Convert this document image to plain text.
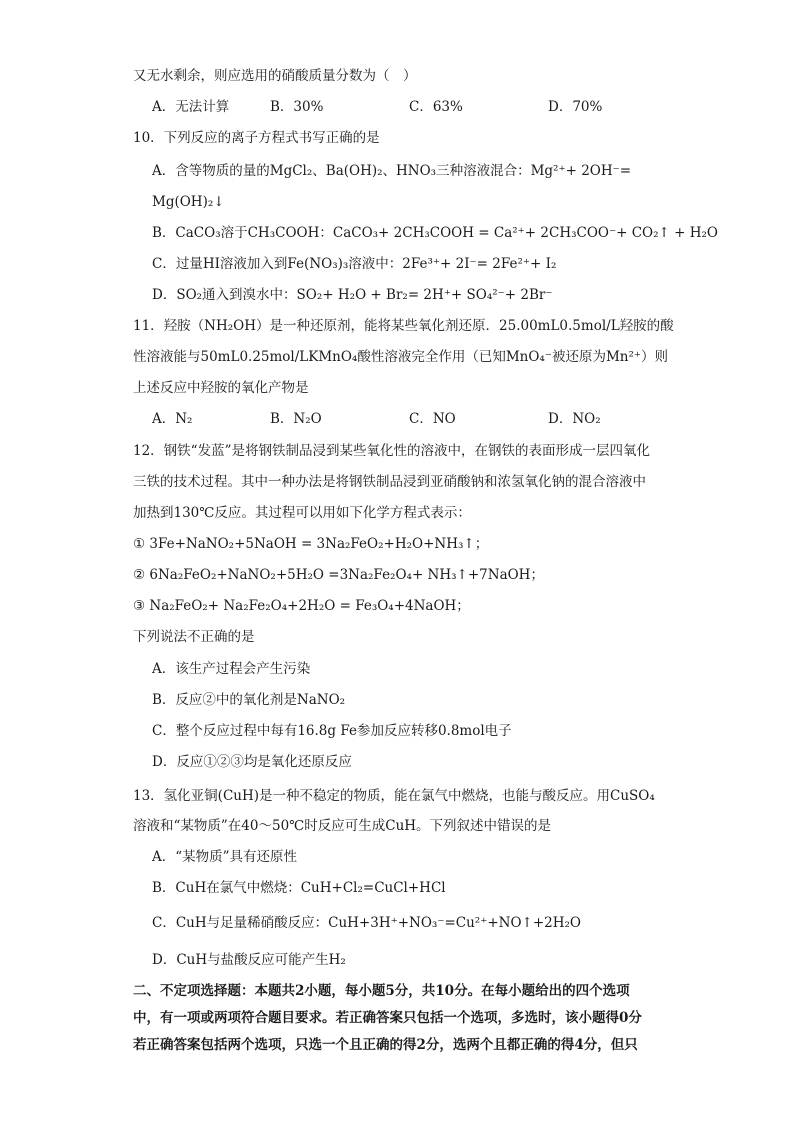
又无水剩余，则应选用的硝酸质量分数为（　）
A．无法计算	B．30%	C．63%	D．70%
10．下列反应的离子方程式书写正确的是
A．含等物质的量的MgCl₂、Ba(OH)₂、HNO₃三种溶液混合：Mg²⁺+ 2OH⁻=
Mg(OH)₂↓
B．CaCO₃溶于CH₃COOH：CaCO₃+ 2CH₃COOH = Ca²⁺+ 2CH₃COO⁻+ CO₂↑ + H₂O
C．过量HI溶液加入到Fe(NO₃)₃溶液中：2Fe³⁺+ 2I⁻= 2Fe²⁺+ I₂
D．SO₂通入到溴水中：SO₂+ H₂O + Br₂= 2H⁺+ SO₄²⁻+ 2Br⁻
11．羟胺（NH₂OH）是一种还原剂，能将某些氧化剂还原．25.00mL0.5mol/L羟胺的酸
性溶液能与50mL0.25mol/LKMnO₄酸性溶液完全作用（已知MnO₄⁻被还原为Mn²⁺）则
上述反应中羟胺的氧化产物是
A．N₂	B．N₂O	C．NO	D．NO₂
12．钢铁“发蓝”是将钢铁制品浸到某些氧化性的溶液中，在钢铁的表面形成一层四氧化
三铁的技术过程。其中一种办法是将钢铁制品浸到亚硝酸钠和浓氢氧化钠的混合溶液中
加热到130℃反应。其过程可以用如下化学方程式表示：
① 3Fe+NaNO₂+5NaOH = 3Na₂FeO₂+H₂O+NH₃↑；
② 6Na₂FeO₂+NaNO₂+5H₂O =3Na₂Fe₂O₄+ NH₃↑+7NaOH；
③ Na₂FeO₂+ Na₂Fe₂O₄+2H₂O = Fe₃O₄+4NaOH；
下列说法不正确的是
A．该生产过程会产生污染
B．反应②中的氧化剂是NaNO₂
C．整个反应过程中每有16.8g Fe参加反应转移0.8mol电子
D．反应①②③均是氧化还原反应
13．氢化亚铜(CuH)是一种不稳定的物质，能在氯气中燃烧，也能与酸反应。用CuSO₄
溶液和“某物质”在40～50℃时反应可生成CuH。下列叙述中错误的是
A．“某物质”具有还原性
B．CuH在氯气中燃烧：CuH+Cl₂=CuCl+HCl
C．CuH与足量稀硝酸反应：CuH+3H⁺+NO₃⁻=Cu²⁺+NO↑+2H₂O
D．CuH与盐酸反应可能产生H₂
二、不定项选择题：本题共2小题，每小题5分，共10分。在每小题给出的四个选项
中，有一项或两项符合题目要求。若正确答案只包括一个选项，多选时，该小题得0分
若正确答案包括两个选项，只选一个且正确的得2分，选两个且都正确的得4分，但只
